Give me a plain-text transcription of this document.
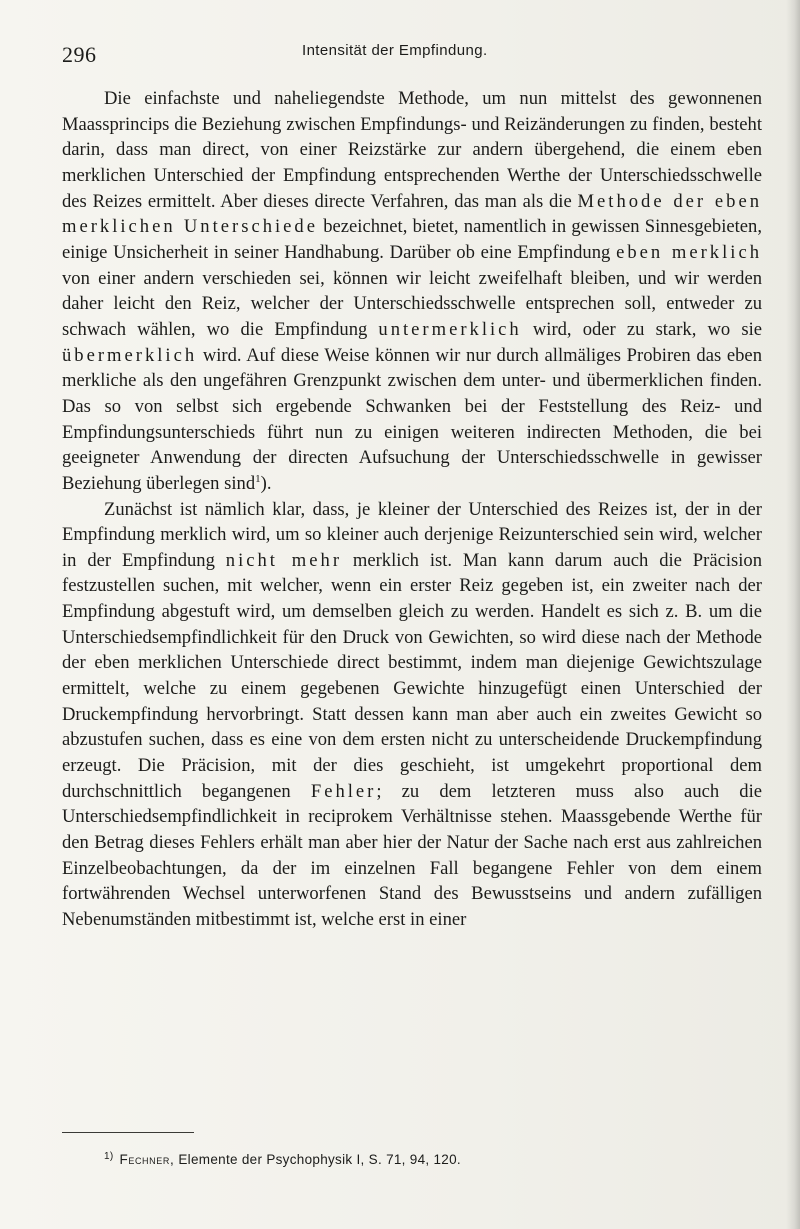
296	Intensität der Empfindung.

Die einfachste und naheliegendste Methode, um nun mittelst des gewonnenen Maassprincips die Beziehung zwischen Empfindungs- und Reizänderungen zu finden, besteht darin, dass man direct, von einer Reizstärke zur andern übergehend, die einem eben merklichen Unterschied der Empfindung entsprechenden Werthe der Unterschiedsschwelle des Reizes ermittelt. Aber dieses directe Verfahren, das man als die Methode der eben merklichen Unterschiede bezeichnet, bietet, namentlich in gewissen Sinnesgebieten, einige Unsicherheit in seiner Handhabung. Darüber ob eine Empfindung eben merklich von einer andern verschieden sei, können wir leicht zweifelhaft bleiben, und wir werden daher leicht den Reiz, welcher der Unterschiedsschwelle entsprechen soll, entweder zu schwach wählen, wo die Empfindung untermerklich wird, oder zu stark, wo sie übermerklich wird. Auf diese Weise können wir nur durch allmäliges Probiren das eben merkliche als den ungefähren Grenzpunkt zwischen dem unter- und übermerklichen finden. Das so von selbst sich ergebende Schwanken bei der Feststellung des Reiz- und Empfindungsunterschieds führt nun zu einigen weiteren indirecten Methoden, die bei geeigneter Anwendung der directen Aufsuchung der Unterschiedsschwelle in gewisser Beziehung überlegen sind$^1$).

Zunächst ist nämlich klar, dass, je kleiner der Unterschied des Reizes ist, der in der Empfindung merklich wird, um so kleiner auch derjenige Reizunterschied sein wird, welcher in der Empfindung nicht mehr merklich ist. Man kann darum auch die Präcision festzustellen suchen, mit welcher, wenn ein erster Reiz gegeben ist, ein zweiter nach der Empfindung abgestuft wird, um demselben gleich zu werden. Handelt es sich z. B. um die Unterschiedsempfindlichkeit für den Druck von Gewichten, so wird diese nach der Methode der eben merklichen Unterschiede direct bestimmt, indem man diejenige Gewichtszulage ermittelt, welche zu einem gegebenen Gewichte hinzugefügt einen Unterschied der Druckempfindung hervorbringt. Statt dessen kann man aber auch ein zweites Gewicht so abzustufen suchen, dass es eine von dem ersten nicht zu unterscheidende Druckempfindung erzeugt. Die Präcision, mit der dies geschieht, ist umgekehrt proportional dem durchschnittlich begangenen Fehler; zu dem letzteren muss also auch die Unterschiedsempfindlichkeit in reciprokem Verhältnisse stehen. Maassgebende Werthe für den Betrag dieses Fehlers erhält man aber hier der Natur der Sache nach erst aus zahlreichen Einzelbeobachtungen, da der im einzelnen Fall begangene Fehler von dem einem fortwährenden Wechsel unterworfenen Stand des Bewusstseins und andern zufälligen Nebenumständen mitbestimmt ist, welche erst in einer

$^{1)}$ Fechner, Elemente der Psychophysik I, S. 71, 94, 120.
